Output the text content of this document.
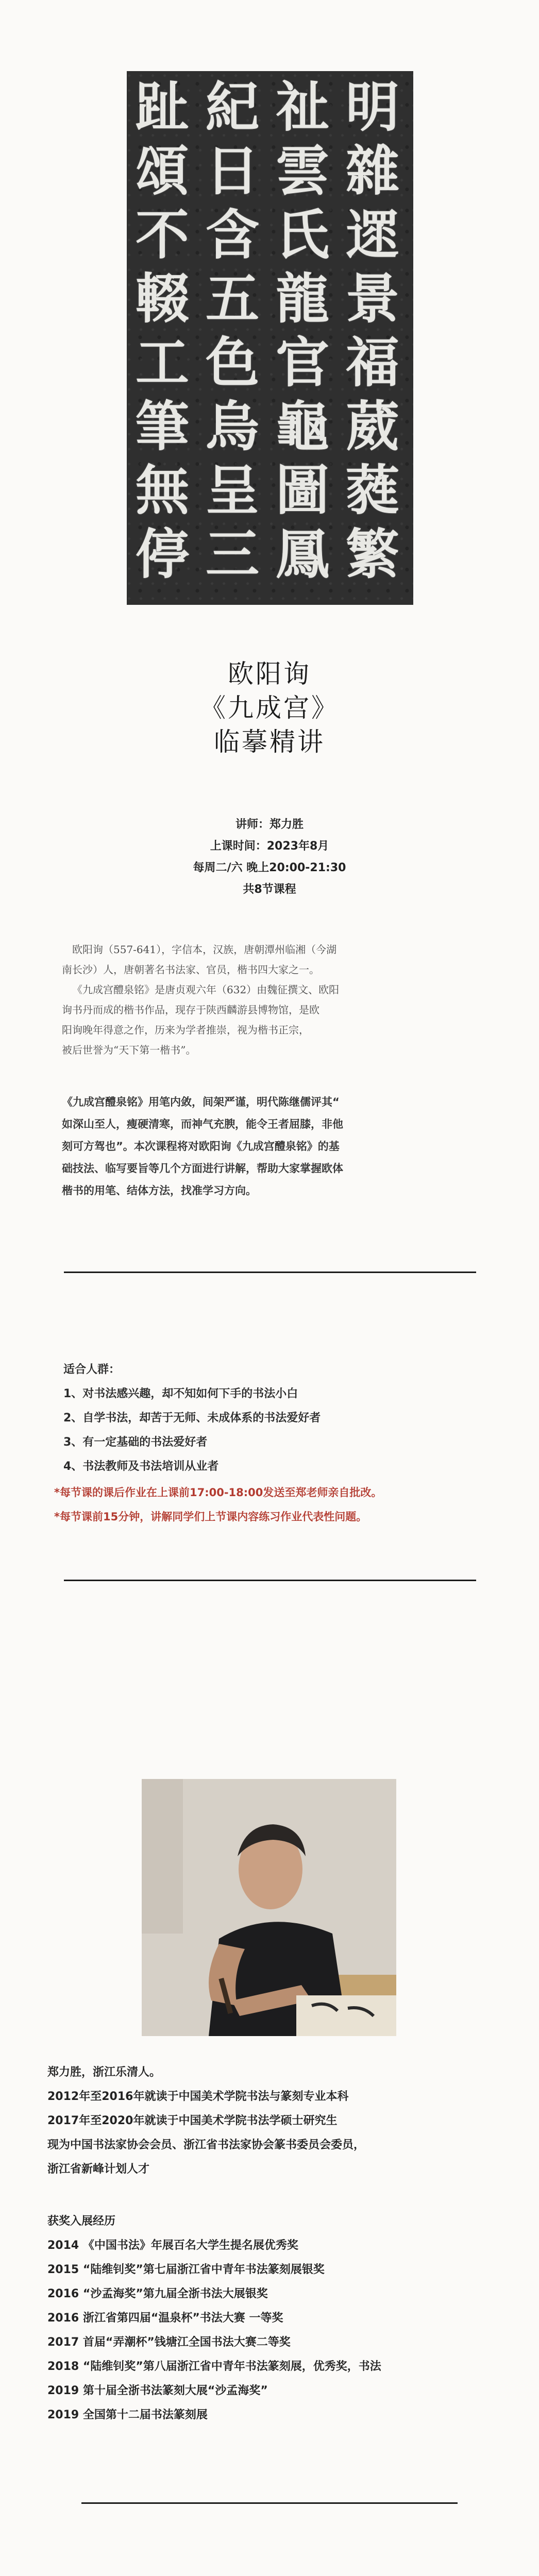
明
雜
遝
景
福
葳
蕤
繁
祉
雲
氏
龍
官
龜
圖
鳳
紀
日
含
五
色
烏
呈
三
趾
頌
不
輟
工
筆
無
停
欧阳询
《九成宫》
临摹精讲
讲师：郑力胜
上课时间：2023年8月
每周二/六 晚上20:00-21:30
共8节课程
欧阳询（557-641），字信本，汉族，唐朝潭州临湘（今湖
南长沙）人，唐朝著名书法家、官员，楷书四大家之一。
《九成宫醴泉铭》是唐贞观六年（632）由魏征撰文、欧阳
询书丹而成的楷书作品，现存于陕西麟游县博物馆，是欧
阳询晚年得意之作，历来为学者推崇，视为楷书正宗，
被后世誉为“天下第一楷书”。
《九成宫醴泉铭》用笔内敛，间架严谨，明代陈继儒评其“
如深山至人，瘦硬清寒，而神气充腴，能令王者屈膝，非他
刻可方驾也”。本次课程将对欧阳询《九成宫醴泉铭》的基
础技法、临写要旨等几个方面进行讲解，帮助大家掌握欧体
楷书的用笔、结体方法，找准学习方向。
适合人群：
1、对书法感兴趣，却不知如何下手的书法小白
2、自学书法，却苦于无师、未成体系的书法爱好者
3、有一定基础的书法爱好者
4、书法教师及书法培训从业者
*每节课的课后作业在上课前17:00-18:00发送至郑老师亲自批改。
*每节课前15分钟，讲解同学们上节课内容练习作业代表性问题。
郑力胜，浙江乐清人。
2012年至2016年就读于中国美术学院书法与篆刻专业本科
2017年至2020年就读于中国美术学院书法学硕士研究生
现为中国书法家协会会员、浙江省书法家协会篆书委员会委员，
浙江省新峰计划人才
获奖入展经历
2014 《中国书法》年展百名大学生提名展优秀奖
2015 “陆维钊奖”第七届浙江省中青年书法篆刻展银奖
2016 “沙孟海奖”第九届全浙书法大展银奖
2016 浙江省第四届“温泉杯”书法大赛 一等奖
2017 首届“弄潮杯”钱塘江全国书法大赛二等奖
2018 “陆维钊奖”第八届浙江省中青年书法篆刻展，优秀奖，书法
2019 第十届全浙书法篆刻大展“沙孟海奖”
2019 全国第十二届书法篆刻展
